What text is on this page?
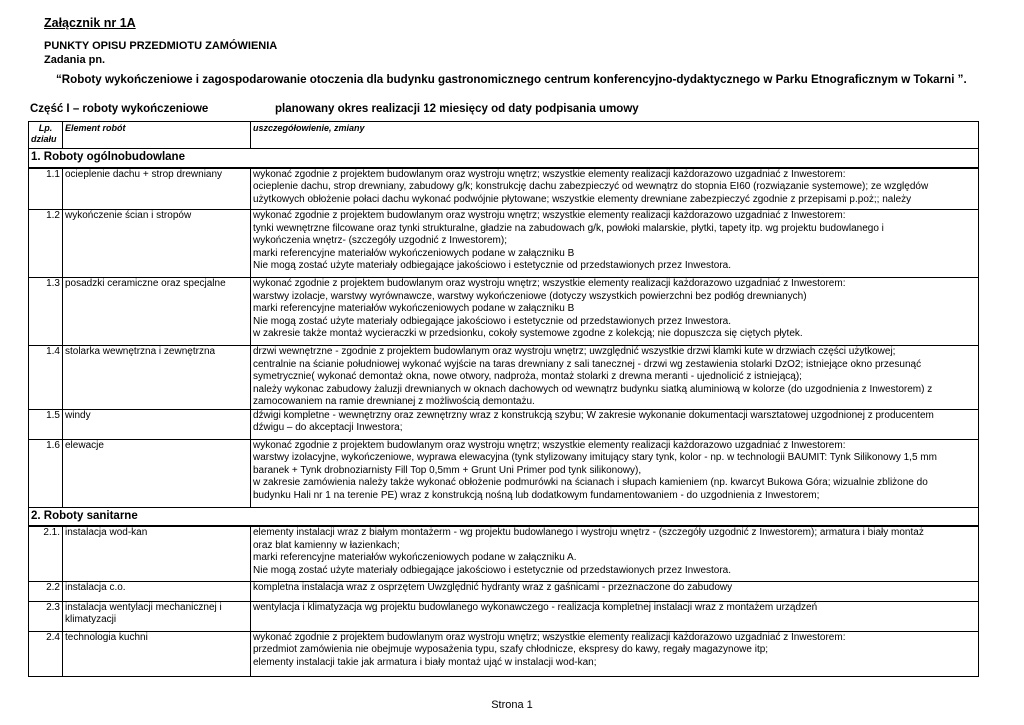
Załącznik nr 1A
PUNKTY OPISU PRZEDMIOTU ZAMÓWIENIA
Zadania pn.
“Roboty wykończeniowe i zagospodarowanie otoczenia dla budynku gastronomicznego centrum konferencyjno-dydaktycznego w Parku Etnograficznym w Tokarni ”.
Część I – roboty wykończeniowe	planowany okres realizacji 12 miesięcy od daty podpisania umowy
Lp.
działu	Element robót	uszczegółowienie, zmiany
1. Roboty ogólnobudowlane		
1.1	ocieplenie dachu + strop drewniany	wykonać zgodnie z projektem budowlanym oraz wystroju wnętrz; wszystkie elementy realizacji każdorazowo uzgadniać z Inwestorem:
ocieplenie dachu, strop drewniany, zabudowy g/k; konstrukcję dachu zabezpieczyć od wewnątrz do stopnia EI60 (rozwiązanie systemowe); ze względów
użytkowych obłożenie połaci dachu wykonać podwójnie płytowane; wszystkie elementy drewniane zabezpieczyć zgodnie z przepisami p.poż;; należy

1.2	wykończenie ścian i stropów	wykonać zgodnie z projektem budowlanym oraz wystroju wnętrz; wszystkie elementy realizacji każdorazowo uzgadniać z Inwestorem:
tynki wewnętrzne filcowane oraz tynki strukturalne, gładzie na zabudowach g/k, powłoki malarskie, płytki, tapety itp. wg projektu budowlanego i
wykończenia wnętrz- (szczegóły uzgodnić z Inwestorem);
marki referencyjne materiałów wykończeniowych podane w załączniku B
Nie mogą zostać użyte materiały odbiegające jakościowo i estetycznie od przedstawionych przez Inwestora.

1.3	posadzki ceramiczne oraz specjalne	wykonać zgodnie z projektem budowlanym oraz wystroju wnętrz; wszystkie elementy realizacji każdorazowo uzgadniać z Inwestorem:
warstwy izolacje, warstwy wyrównawcze, warstwy wykończeniowe (dotyczy wszystkich powierzchni bez podłóg drewnianych)
marki referencyjne materiałów wykończeniowych podane w załączniku B
Nie mogą zostać użyte materiały odbiegające jakościowo i estetycznie od przedstawionych przez Inwestora.
w zakresie także montaż wycieraczki w przedsionku, cokoły systemowe zgodne z kolekcją; nie dopuszcza się ciętych płytek.

1.4	stolarka wewnętrzna i zewnętrzna	drzwi wewnętrzne - zgodnie z projektem budowlanym oraz wystroju wnętrz; uwzględnić wszystkie drzwi klamki kute w drzwiach części użytkowej;
centralnie na ścianie południowej wykonać wyjście na taras drewniany z sali tanecznej - drzwi wg zestawienia stolarki DzO2; istniejące okno przesunąć
symetrycznie( wykonać demontaż okna, nowe otwory, nadproża, montaż stolarki z drewna meranti - ujednolicić z istniejącą);
należy wykonac zabudowy żaluzji drewnianych w oknach dachowych od wewnątrz budynku siatką aluminiową w kolorze (do uzgodnienia z Inwestorem) z
zamocowaniem na ramie drewnianej z możliwością demontażu.

1.5	windy	dźwigi kompletne - wewnętrzny oraz zewnętrzny wraz z konstrukcją szybu; W zakresie wykonanie dokumentacji warsztatowej uzgodnionej z producentem
dźwigu – do akceptacji Inwestora;

1.6	elewacje	wykonać zgodnie z projektem budowlanym oraz wystroju wnętrz; wszystkie elementy realizacji każdorazowo uzgadniać z Inwestorem:
warstwy izolacyjne, wykończeniowe, wyprawa elewacyjna (tynk stylizowany imitujący stary tynk, kolor - np. w technologii BAUMIT: Tynk Silikonowy 1,5 mm
baranek + Tynk drobnoziarnisty Fill Top 0,5mm + Grunt Uni Primer pod tynk silikonowy),
w zakresie zamówienia należy także wykonać obłożenie podmurówki na ścianach i słupach kamieniem (np. kwarcyt Bukowa Góra; wizualnie zbliżone do
budynku Hali nr 1 na terenie PE) wraz z konstrukcją nośną lub dodatkowym fundamentowaniem - do uzgodnienia z Inwestorem;

2. Roboty sanitarne		
2.1.	instalacja wod-kan	elementy instalacji wraz z białym montażerm - wg projektu budowlanego i wystroju wnętrz - (szczegóły uzgodnić z Inwestorem); armatura i biały montaż
oraz blat kamienny w łazienkach;
marki referencyjne materiałów wykończeniowych podane w załączniku A.
Nie mogą zostać użyte materiały odbiegające jakościowo i estetycznie od przedstawionych przez Inwestora.

2.2	instalacja c.o.	kompletna instalacja wraz z osprzętem Uwzględnić hydranty wraz z gaśnicami - przeznaczone do zabudowy

2.3	instalacja wentylacji mechanicznej i
klimatyzacji	wentylacja i klimatyzacja wg projektu budowlanego wykonawczego - realizacja kompletnej instalacji wraz z montażem urządzeń

2.4	technologia kuchni	wykonać zgodnie z projektem budowlanym oraz wystroju wnętrz; wszystkie elementy realizacji każdorazowo uzgadniać z Inwestorem:
przedmiot zamówienia nie obejmuje wyposażenia typu, szafy chłodnicze, ekspresy do kawy, regały magazynowe itp;
elementy instalacji takie jak armatura i biały montaż ująć w instalacji wod-kan;
Strona 1
